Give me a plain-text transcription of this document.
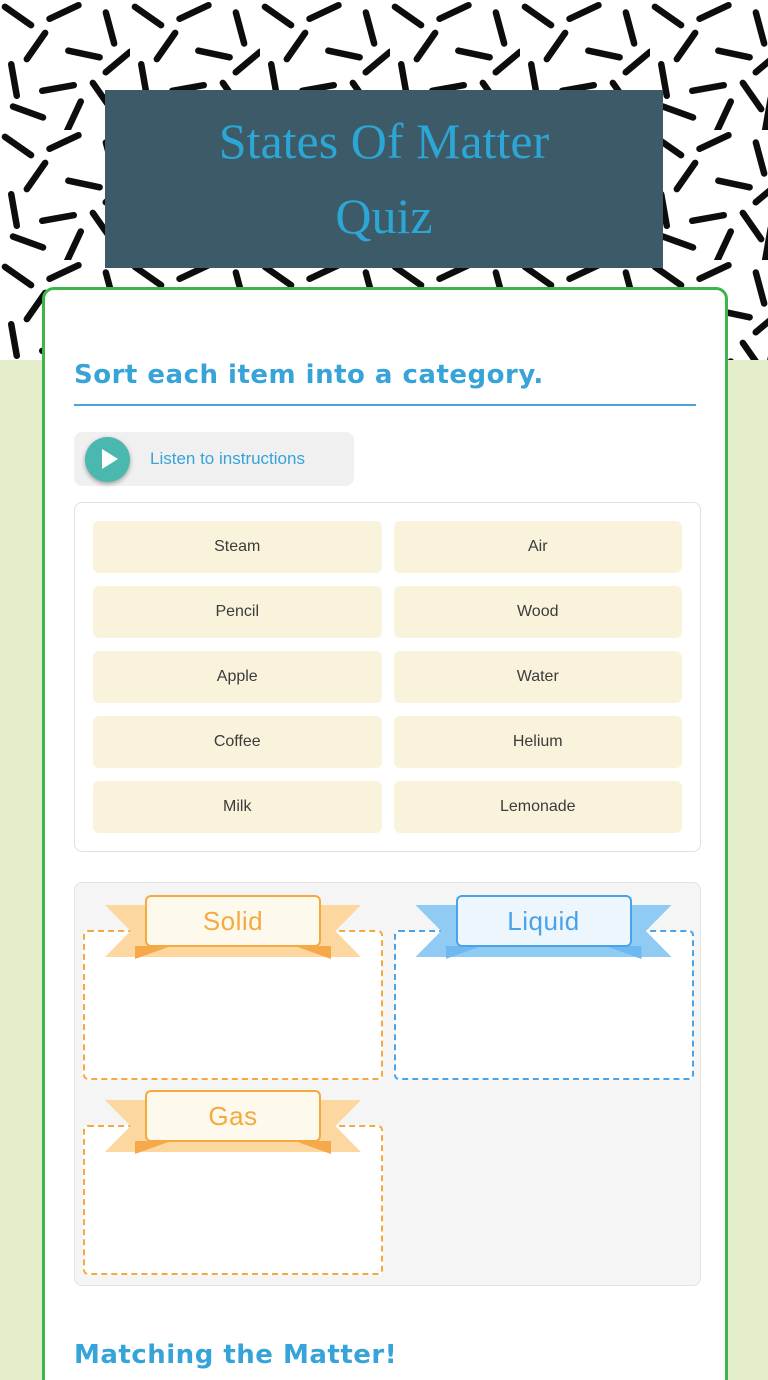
States Of Matter Quiz
Sort each item into a category.
Listen to instructions
Steam	Air
Pencil	Wood
Apple	Water
Coffee	Helium
Milk	Lemonade
Solid	Liquid
Gas
Matching the Matter!
